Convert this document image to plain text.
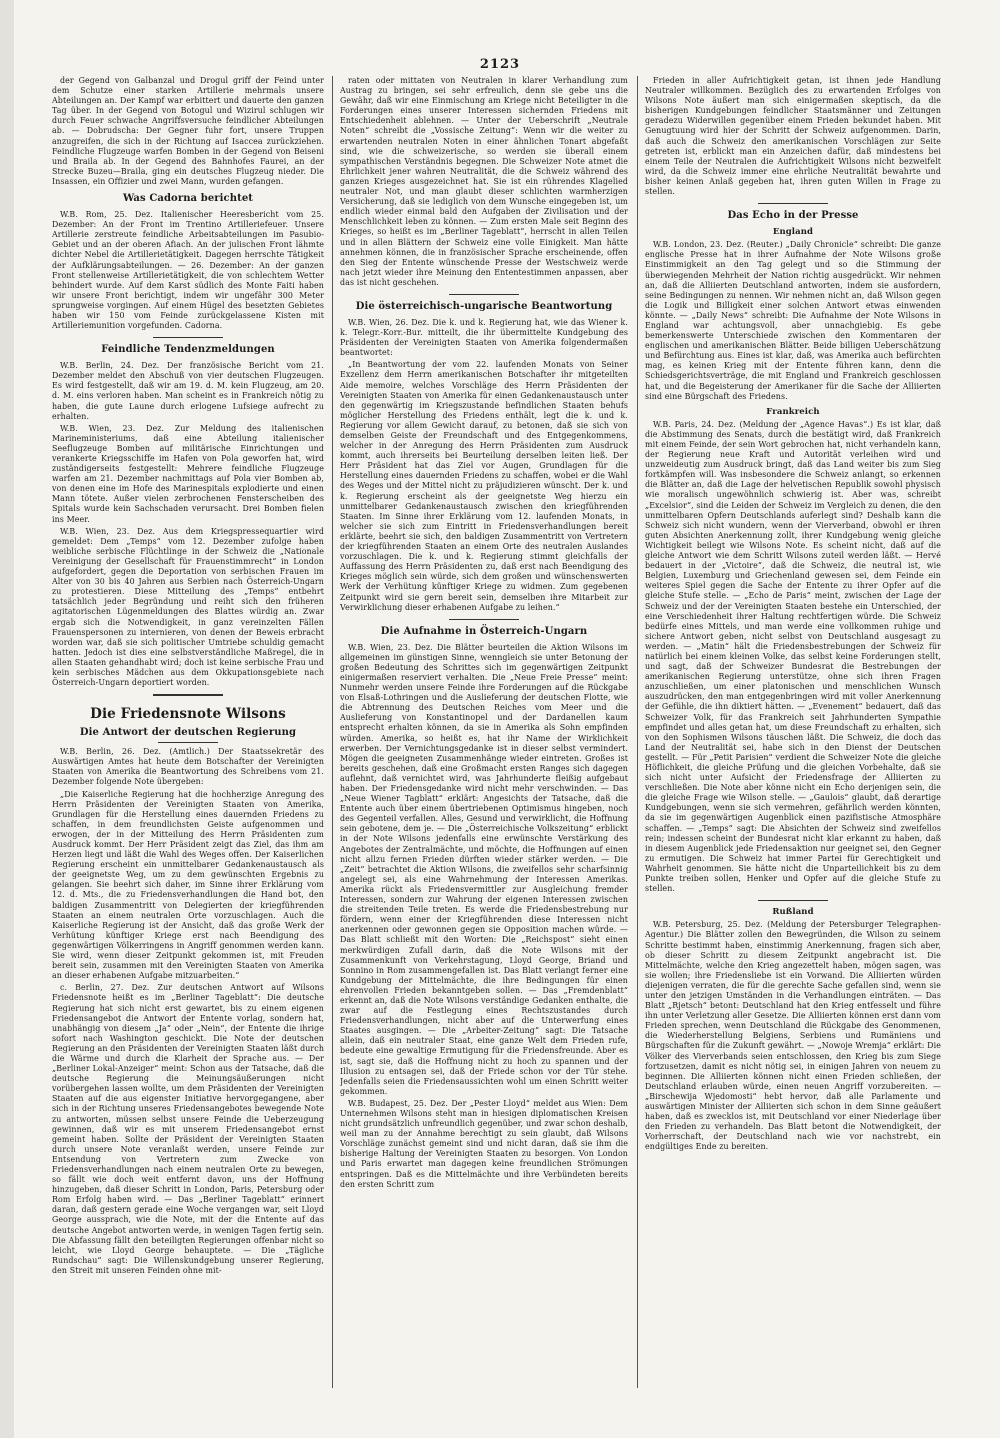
2123

der Gegend von Galbanzal und Drogul griff der Feind unter dem Schutze einer starken Artillerie mehrmals unsere Abteilungen an. Der Kampf war erbittert und dauerte den ganzen Tag über. In der Gegend von Botogul und Wizirul schlugen wir durch Feuer schwache Angriffsversuche feindlicher Abteilungen ab. — Dobrudscha: Der Gegner fuhr fort, unsere Truppen anzugreifen, die sich in der Richtung auf Isaccea zurückziehen. Feindliche Flugzeuge warfen Bomben in der Gegend von Beiseni und Braila ab. In der Gegend des Bahnhofes Faurei, an der Strecke Buzeu—Braila, ging ein deutsches Flugzeug nieder. Die Insassen, ein Offizier und zwei Mann, wurden gefangen.

Was Cadorna berichtet

W.B. Rom, 25. Dez. Italienischer Heeresbericht vom 25. Dezember: An der Front im Trentino Artilleriefeuer. Unsere Artillerie zerstreute feindliche Arbeitsabteilungen im Pasubio-Gebiet und an der oberen Afiach. An der julischen Front lähmte dichter Nebel die Artillerietätigkeit. Dagegen herrschte Tätigkeit der Aufklärungsabteilungen. — 26. Dezember: An der ganzen Front stellenweise Artillerietätigkeit, die von schlechtem Wetter behindert wurde. Auf dem Karst südlich des Monte Faiti haben wir unsere Front berichtigt, indem wir ungefähr 300 Meter sprungweise vorgingen. Auf einem Hügel des besetzten Gebietes haben wir 150 vom Feinde zurückgelassene Kisten mit Artilleriemunition vorgefunden. Cadorna.

Feindliche Tendenzmeldungen

W.B. Berlin, 24. Dez. Der französische Bericht vom 21. Dezember meldet den Abschuß von vier deutschen Flugzeugen. Es wird festgestellt, daß wir am 19. d. M. kein Flugzeug, am 20. d. M. eins verloren haben. Man scheint es in Frankreich nötig zu haben, die gute Laune durch erlogene Lufsiege aufrecht zu erhalten.

W.B. Wien, 23. Dez. Zur Meldung des italienischen Marineministeriums, daß eine Abteilung italienischer Seeflugzeuge Bomben auf militärische Einrichtungen und verankerte Kriegsschiffe im Hafen von Pola geworfen hat, wird zuständigerseits festgestellt: Mehrere feindliche Flugzeuge warfen am 21. Dezember nachmittags auf Pola vier Bomben ab, von denen eine im Hofe des Marinespitals explodierte und einen Mann tötete. Außer vielen zerbrochenen Fensterscheiben des Spitals wurde kein Sachschaden verursacht. Drei Bomben fielen ins Meer.

W.B. Wien, 23. Dez. Aus dem Kriegspressequartier wird gemeldet: Dem „Temps“ vom 12. Dezember zufolge haben weibliche serbische Flüchtlinge in der Schweiz die „Nationale Vereinigung der Gesellschaft für Frauenstimmrecht“ in London aufgefordert, gegen die Deportation von serbischen Frauen im Alter von 30 bis 40 Jahren aus Serbien nach Österreich-Ungarn zu protestieren. Diese Mitteilung des „Temps“ entbehrt tatsächlich jeder Begründung und reiht sich den früheren agitatorischen Lügenmeldungen des Blattes würdig an. Zwar ergab sich die Notwendigkeit, in ganz vereinzelten Fällen Frauenspersonen zu internieren, von denen der Beweis erbracht worden war, daß sie sich politischer Umtriebe schuldig gemacht hatten. Jedoch ist dies eine selbstverständliche Maßregel, die in allen Staaten gehandhabt wird; doch ist keine serbische Frau und kein serbisches Mädchen aus dem Okkupationsgebiete nach Österreich-Ungarn deportiert worden.

Die Friedensnote Wilsons
Die Antwort der deutschen Regierung

W.B. Berlin, 26. Dez. (Amtlich.) Der Staatssekretär des Auswärtigen Amtes hat heute dem Botschafter der Vereinigten Staaten von Amerika die Beantwortung des Schreibens vom 21. Dezember folgende Note übergeben:

„Die Kaiserliche Regierung hat die hochherzige Anregung des Herrn Präsidenten der Vereinigten Staaten von Amerika, Grundlagen für die Herstellung eines dauernden Friedens zu schaffen, in dem freundlichsten Geiste aufgenommen und erwogen, der in der Mitteilung des Herrn Präsidenten zum Ausdruck kommt. Der Herr Präsident zeigt das Ziel, das ihm am Herzen liegt und läßt die Wahl des Weges offen. Der Kaiserlichen Regierung erscheint ein unmittelbarer Gedankenaustausch als der geeignetste Weg, um zu dem gewünschten Ergebnis zu gelangen. Sie beehrt sich daher, im Sinne ihrer Erklärung vom 12. d. Mts., die zu Friedensverhandlungen die Hand bot, den baldigen Zusammentritt von Delegierten der kriegführenden Staaten an einem neutralen Orte vorzuschlagen. Auch die Kaiserliche Regierung ist der Ansicht, daß das große Werk der Verhütung künftiger Kriege erst nach Beendigung des gegenwärtigen Völkerringens in Angriff genommen werden kann. Sie wird, wenn dieser Zeitpunkt gekommen ist, mit Freuden bereit sein, zusammen mit den Vereinigten Staaten von Amerika an dieser erhabenen Aufgabe mitzuarbeiten.“

c. Berlin, 27. Dez. Zur deutschen Antwort auf Wilsons Friedensnote heißt es im „Berliner Tageblatt“: Die deutsche Regierung hat sich nicht erst gewartet, bis zu einem eigenen Friedensangebot die Antwort der Entente vorlag, sondern hat, unabhängig von diesem „Ja“ oder „Nein“, der Entente die ihrige sofort nach Washington geschickt. Die Note der deutschen Regierung an den Präsidenten der Vereinigten Staaten läßt durch die Wärme und durch die Klarheit der Sprache aus. — Der „Berliner Lokal-Anzeiger“ meint: Schon aus der Tatsache, daß die deutsche Regierung die Meinungsäußerungen nicht vorübergehen lassen wollte, um dem Präsidenten der Vereinigten Staaten auf die aus eigenster Initiative hervorgegangene, aber sich in der Richtung unseres Friedensangebotes bewegende Note zu antworten, müssen selbst unsere Feinde die Ueberzeugung gewinnen, daß wir es mit unserem Friedensangebot ernst gemeint haben. Sollte der Präsident der Vereinigten Staaten durch unsere Note veranlaßt werden, unsere Feinde zur Entsendung von Vertretern zum Zwecke von Friedensverhandlungen nach einem neutralen Orte zu bewegen, so fällt wie doch weit entfernt davon, uns der Hoffnung hinzugeben, daß dieser Schritt in London, Paris, Petersburg oder Rom Erfolg haben wird. — Das „Berliner Tageblatt“ erinnert daran, daß gestern gerade eine Woche vergangen war, seit Lloyd George aussprach, wie die Note, mit der die Entente auf das deutsche Angebot antworten werde, in wenigen Tagen fertig sein. Die Abfassung fällt den beteiligten Regierungen offenbar nicht so leicht, wie Lloyd George behauptete. — Die „Tägliche Rundschau“ sagt: Die Willenskundgebung unserer Regierung, den Streit mit unseren Feinden ohne mit-

raten oder mittaten von Neutralen in klarer Verhandlung zum Austrag zu bringen, sei sehr erfreulich, denn sie gebe uns die Gewähr, daß wir eine Einmischung am Kriege nicht Beteiligter in die Forderungen eines unserer Interessen sichernden Friedens mit Entschiedenheit ablehnen. — Unter der Ueberschrift „Neutrale Noten“ schreibt die „Vossische Zeitung“: Wenn wir die weiter zu erwartenden neutralen Noten in einer ähnlichen Tonart abgefaßt sind, wie die schweizerische, so werden sie überall einem sympathischen Verständnis begegnen. Die Schweizer Note atmet die Ehrlichkeit jener wahren Neutralität, die die Schweiz während des ganzen Krieges ausgezeichnet hat. Sie ist ein rührendes Klagelied neutraler Not, und man glaubt dieser schlichten warmherzigen Versicherung, daß sie lediglich von dem Wunsche eingegeben ist, um endlich wieder einmal bald den Aufgaben der Zivilisation und der Menschlichkeit leben zu können. — Zum ersten Male seit Beginn des Krieges, so heißt es im „Berliner Tageblatt“, herrscht in allen Teilen und in allen Blättern der Schweiz eine volle Einigkeit. Man hätte annehmen können, die in französischer Sprache erscheinende, offen den Sieg der Entente wünschende Presse der Westschweiz werde nach jetzt wieder ihre Meinung den Ententestimmen anpassen, aber das ist nicht geschehen.

Die österreichisch-ungarische Beantwortung

W.B. Wien, 26. Dez. Die k. und k. Regierung hat, wie das Wiener k. k. Telegr.-Korr.-Bur. mitteilt, die ihr übermittelte Kundgebung des Präsidenten der Vereinigten Staaten von Amerika folgendermaßen beantwortet:

„In Beantwortung der vom 22. laufenden Monats von Seiner Exzellenz dem Herrn amerikanischen Botschafter ihr mitgeteilten Aide memoire, welches Vorschläge des Herrn Präsidenten der Vereinigten Staaten von Amerika für einen Gedankenaustausch unter den gegenwärtig im Kriegszustande befindlichen Staaten behufs möglicher Herstellung des Friedens enthält, legt die k. und k. Regierung vor allem Gewicht darauf, zu betonen, daß sie sich von demselben Geiste der Freundschaft und des Entgegenkommens, welcher in der Anregung des Herrn Präsidenten zum Ausdruck kommt, auch ihrerseits bei Beurteilung derselben leiten ließ. Der Herr Präsident hat das Ziel vor Augen, Grundlagen für die Herstellung eines dauernden Friedens zu schaffen, wobei er die Wahl des Weges und der Mittel nicht zu präjudizieren wünscht. Der k. und k. Regierung erscheint als der geeignetste Weg hierzu ein unmittelbarer Gedankenaustausch zwischen den kriegführenden Staaten. Im Sinne ihrer Erklärung vom 12. laufenden Monats, in welcher sie sich zum Eintritt in Friedensverhandlungen bereit erklärte, beehrt sie sich, den baldigen Zusammentritt von Vertretern der kriegführenden Staaten an einem Orte des neutralen Auslandes vorzuschlagen. Die k. und k. Regierung stimmt gleichfalls der Auffassung des Herrn Präsidenten zu, daß erst nach Beendigung des Krieges möglich sein würde, sich dem großen und wünschenswerten Werk der Verhütung künftiger Kriege zu widmen. Zum gegebenen Zeitpunkt wird sie gern bereit sein, demselben ihre Mitarbeit zur Verwirklichung dieser erhabenen Aufgabe zu leihen.“

Die Aufnahme in Österreich-Ungarn

W.B. Wien, 23. Dez. Die Blätter beurteilen die Aktion Wilsons im allgemeinen im günstigen Sinne, wenngleich sie unter Betonung der großen Bedeutung des Schrittes sich im gegenwärtigen Zeitpunkt einigermaßen reserviert verhalten. Die „Neue Freie Presse“ meint: Nunmehr werden unsere Feinde ihre Forderungen auf die Rückgabe von Elsaß-Lothringen und die Auslieferung der deutschen Flotte, wie die Abtrennung des Deutschen Reiches vom Meer und die Auslieferung von Konstantinopel und der Dardanellen kaum entsprecht erhalten können, da sie in Amerika als Sohn empfinden würden. Amerika, so heißt es, hat ihr Name der Wirklichkeit erwerben. Der Vernichtungsgedanke ist in dieser selbst vermindert. Mögen die geeigneten Zusammenhänge wieder eintreten. Großes ist bereits geschehen, daß eine Großmacht ersten Ranges sich dagegen auflehnt, daß vernichtet wird, was Jahrhunderte fleißig aufgebaut haben. Der Friedensgedanke wird nicht mehr verschwinden. — Das „Neue Wiener Tagblatt“ erklärt: Angesichts der Tatsache, daß die Entente auch über einem übertriebenen Optimismus hingeben, noch des Gegenteil verfallen. Alles, Gesund und verwirklicht, die Hoffnung sein gebotene, dem je. — Die „Österreichische Volkszeitung“ erblickt in der Note Wilsons jedenfalls eine erwünschte Verstärkung des Angebotes der Zentralmächte, und möchte, die Hoffnungen auf einen nicht allzu fernen Frieden dürften wieder stärker werden. — Die „Zeit“ betrachtet die Aktion Wilsons, die zweifellos sehr scharfsinnig angelegt sei, als eine Wahrnehmung der Interessen Amerikas. Amerika rückt als Friedensvermittler zur Ausgleichung fremder Interessen, sondern zur Wahrung der eigenen Interessen zwischen die streitenden Teile treten. Es werde die Friedensbestrebung nur fördern, wenn einer der Kriegführenden diese Interessen nicht anerkennen oder gewonnen gegen sie Opposition machen würde. — Das Blatt schließt mit den Worten: Die „Reichspost“ sieht einen merkwürdigen Zufall darin, daß die Note Wilsons mit der Zusammenkunft von Verkehrstagung, Lloyd George, Briand und Sonnino in Rom zusammengefallen ist. Das Blatt verlangt ferner eine Kundgebung der Mittelmächte, die ihre Bedingungen für einen ehrenvollen Frieden bekanntgeben sollen. — Das „Fremdenblatt“ erkennt an, daß die Note Wilsons verständige Gedanken enthalte, die zwar auf die Festlegung eines Rechtszustandes durch Friedensverhandlungen, nicht aber auf die Unterwerfung eines Staates ausgingen. — Die „Arbeiter-Zeitung“ sagt: Die Tatsache allein, daß ein neutraler Staat, eine ganze Welt dem Frieden rufe, bedeute eine gewaltige Ermutigung für die Friedensfreunde. Aber es ist, sagt sie, daß die Hoffnung nicht zu hoch zu spannen und der Illusion zu entsagen sei, daß der Friede schon vor der Tür stehe. Jedenfalls seien die Friedensaussichten wohl um einen Schritt weiter gekommen.

W.B. Budapest, 25. Dez. Der „Pester Lloyd“ meldet aus Wien: Dem Unternehmen Wilsons steht man in hiesigen diplomatischen Kreisen nicht grundsätzlich unfreundlich gegenüber, und zwar schon deshalb, weil man zu der Annahme berechtigt zu sein glaubt, daß Wilsons Vorschläge zunächst gemeint sind und nicht daran, daß sie ihm die bisherige Haltung der Vereinigten Staaten zu besorgen. Von London und Paris erwartet man dagegen keine freundlichen Strömungen entspringen. Daß es die Mittelmächte und ihre Verbündeten bereits den ersten Schritt zum

Frieden in aller Aufrichtigkeit getan, ist ihnen jede Handlung Neutraler willkommen. Bezüglich des zu erwartenden Erfolges von Wilsons Note äußert man sich einigermaßen skeptisch, da die bisherigen Kundgebungen feindlicher Staatsmänner und Zeitungen geradezu Widerwillen gegenüber einem Frieden bekundet haben. Mit Genugtuung wird hier der Schritt der Schweiz aufgenommen. Darin, daß auch die Schweiz den amerikanischen Vorschlägen zur Seite getreten ist, erblickt man ein Anzeichen dafür, daß mindestens bei einem Teile der Neutralen die Aufrichtigkeit Wilsons nicht bezweifelt wird, da die Schweiz immer eine ehrliche Neutralität bewahrte und bisher keinen Anlaß gegeben hat, ihren guten Willen in Frage zu stellen.

Das Echo in der Presse
England

W.B. London, 23. Dez. (Reuter.) „Daily Chronicle“ schreibt: Die ganze englische Presse hat in ihrer Aufnahme der Note Wilsons große Einstimmigkeit an den Tag gelegt und so die Stimmung der überwiegenden Mehrheit der Nation richtig ausgedrückt. Wir nehmen an, daß die Alliierten Deutschland antworten, indem sie ausfordern, seine Bedingungen zu nennen. Wir nehmen nicht an, daß Wilson gegen die Logik und Billigkeit einer solchen Antwort etwas einwenden könnte. — „Daily News“ schreibt: Die Aufnahme der Note Wilsons in England war achtungsvoll, aber unnachgiebig. Es gebe bemerkenswerte Unterschiede zwischen den Kommentaren der englischen und amerikanischen Blätter. Beide billigen Ueberschätzung und Befürchtung aus. Eines ist klar, daß, was Amerika auch befürchten mag, es keinen Krieg mit der Entente führen kann, denn die Schiedsgerichtsverträge, die mit England und Frankreich geschlossen hat, und die Begeisterung der Amerikaner für die Sache der Alliierten sind eine Bürgschaft des Friedens.

Frankreich

W.B. Paris, 24. Dez. (Meldung der „Agence Havas“.) Es ist klar, daß die Abstimmung des Senats, durch die bestätigt wird, daß Frankreich mit einem Feinde, der sein Wort gebrochen hat, nicht verhandeln kann, der Regierung neue Kraft und Autorität verleihen wird und unzweideutig zum Ausdruck bringt, daß das Land weiter bis zum Sieg fortkämpfen will. Was insbesondere die Schweiz anlangt, so erkennen die Blätter an, daß die Lage der helvetischen Republik sowohl physisch wie moralisch ungewöhnlich schwierig ist. Aber was, schreibt „Excelsior“, sind die Leiden der Schweiz im Vergleich zu denen, die den unmittelbaren Opfern Deutschlands auferlegt sind? Deshalb kann die Schweiz sich nicht wundern, wenn der Vierverband, obwohl er ihren guten Absichten Anerkennung zollt, ihrer Kundgebung wenig gleiche Wichtigkeit beilegt wie Wilsons Note. Es scheint nicht, daß auf die gleiche Antwort wie dem Schritt Wilsons zuteil werden läßt. — Hervé bedauert in der „Victoire“, daß die Schweiz, die neutral ist, wie Belgien, Luxemburg und Griechenland gewesen sei, dem Feinde ein weiteres Spiel gegen die Sache der Entente zu ihrer Opfer auf die gleiche Stufe stelle. — „Echo de Paris“ meint, zwischen der Lage der Schweiz und der der Vereinigten Staaten bestehe ein Unterschied, der eine Verschiedenheit ihrer Haltung rechtfertigen würde. Die Schweiz bedürfe eines Mittels, und man werde eine vollkommen ruhige und sichere Antwort geben, nicht selbst von Deutschland ausgesagt zu werden. — „Matin“ hält die Friedensbestrebungen der Schweiz für natürlich bei einem kleinen Volke, das selbst keine Forderungen stellt, und sagt, daß der Schweizer Bundesrat die Bestrebungen der amerikanischen Regierung unterstütze, ohne sich ihren Fragen anzuschließen, um einer platonischen und menschlichen Wunsch auszudrücken, den man entgegenbringen wird mit voller Anerkennung der Gefühle, die ihn diktiert hätten. — „Evenement“ bedauert, daß das Schweizer Volk, für das Frankreich seit Jahrhunderten Sympathie empfindet und alles getan hat, um diese Freundschaft zu erhalten, sich von den Sophismen Wilsons täuschen läßt. Die Schweiz, die doch das Land der Neutralität sei, habe sich in den Dienst der Deutschen gestellt. — Für „Petit Parisien“ verdient die Schweizer Note die gleiche Höflichkeit, die gleiche Prüfung und die gleichen Vorbehalte, daß sie sich nicht unter Aufsicht der Friedensfrage der Alliierten zu verschließen. Die Note aber könne nicht ein Echo derjenigen sein, die die gleiche Frage wie Wilson stelle. — „Gaulois“ glaubt, daß derartige Kundgebungen, wenn sie sich vermehren, gefährlich werden könnten, da sie im gegenwärtigen Augenblick einen pazifistische Atmosphäre schaffen. — „Temps“ sagt: Die Absichten der Schweiz sind zweifellos rein; indessen scheint der Bundesrat nicht klar erkannt zu haben, daß in diesem Augenblick jede Friedensaktion nur geeignet sei, den Gegner zu ermutigen. Die Schweiz hat immer Partei für Gerechtigkeit und Wahrheit genommen. Sie hätte nicht die Unparteilichkeit bis zu dem Punkte treiben sollen, Henker und Opfer auf die gleiche Stufe zu stellen.

Rußland

W.B. Petersburg, 25. Dez. (Meldung der Petersburger Telegraphen-Agentur.) Die Blätter zollen den Bewegründen, die Wilson zu seinem Schritte bestimmt haben, einstimmig Anerkennung, fragen sich aber, ob dieser Schritt zu diesem Zeitpunkt angebracht ist. Die Mittelmächte, welche den Krieg angezettelt haben, mögen sagen, was sie wollen; ihre Friedensliebe ist ein Vorwand. Die Alliierten würden diejenigen verraten, die für die gerechte Sache gefallen sind, wenn sie unter den jetzigen Umständen in die Verhandlungen einträten. — Das Blatt „Rjetsch“ betont: Deutschland hat den Krieg entfesselt und führe ihn unter Verletzung aller Gesetze. Die Alliierten können erst dann vom Frieden sprechen, wenn Deutschland die Rückgabe des Genommenen, die Wiederherstellung Belgiens, Serbiens und Rumäniens und Bürgschaften für die Zukunft gewährt. — „Nowoje Wremja“ erklärt: Die Völker des Vierverbands seien entschlossen, den Krieg bis zum Siege fortzusetzen, damit es nicht nötig sei, in einigen Jahren von neuem zu beginnen. Die Alliierten können nicht einen Frieden schließen, der Deutschland erlauben würde, einen neuen Angriff vorzubereiten. — „Birschewija Wjedomosti“ hebt hervor, daß alle Parlamente und auswärtigen Minister der Alliierten sich schon in dem Sinne geäußert haben, daß es zwecklos ist, mit Deutschland vor einer Niederlage über den Frieden zu verhandeln. Das Blatt betont die Notwendigkeit, der Vorherrschaft, der Deutschland nach wie vor nachstrebt, ein endgültiges Ende zu bereiten.
